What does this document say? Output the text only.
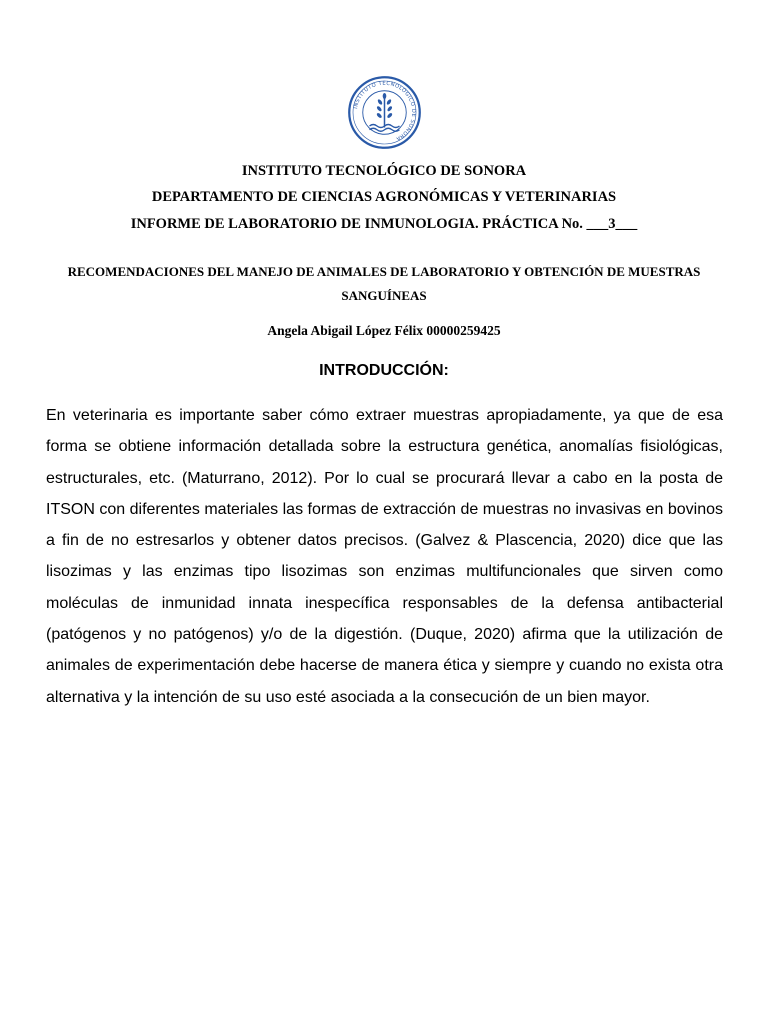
INSTITUTO TECNOLÓGICO DE SONORA
INSTITUTO TECNOLÓGICO DE SONORA
DEPARTAMENTO DE CIENCIAS AGRONÓMICAS Y VETERINARIAS
INFORME DE LABORATORIO DE INMUNOLOGIA. PRÁCTICA No. ___3___
RECOMENDACIONES DEL MANEJO DE ANIMALES DE LABORATORIO Y OBTENCIÓN DE MUESTRAS SANGUÍNEAS
Angela Abigail López Félix 00000259425
INTRODUCCIÓN:

En veterinaria es importante saber cómo extraer muestras apropiadamente, ya que de esa forma se obtiene información detallada sobre la estructura genética, anomalías fisiológicas, estructurales, etc. (Maturrano, 2012). Por lo cual se procurará llevar a cabo en la posta de ITSON con diferentes materiales las formas de extracción de muestras no invasivas en bovinos a fin de no estresarlos y obtener datos precisos. (Galvez & Plascencia, 2020) dice que las lisozimas y las enzimas tipo lisozimas son enzimas multifuncionales que sirven como moléculas de inmunidad innata inespecífica responsables de la defensa antibacterial (patógenos y no patógenos) y/o de la digestión. (Duque, 2020) afirma que la utilización de animales de experimentación debe hacerse de manera ética y siempre y cuando no exista otra alternativa y la intención de su uso esté asociada a la consecución de un bien mayor.
